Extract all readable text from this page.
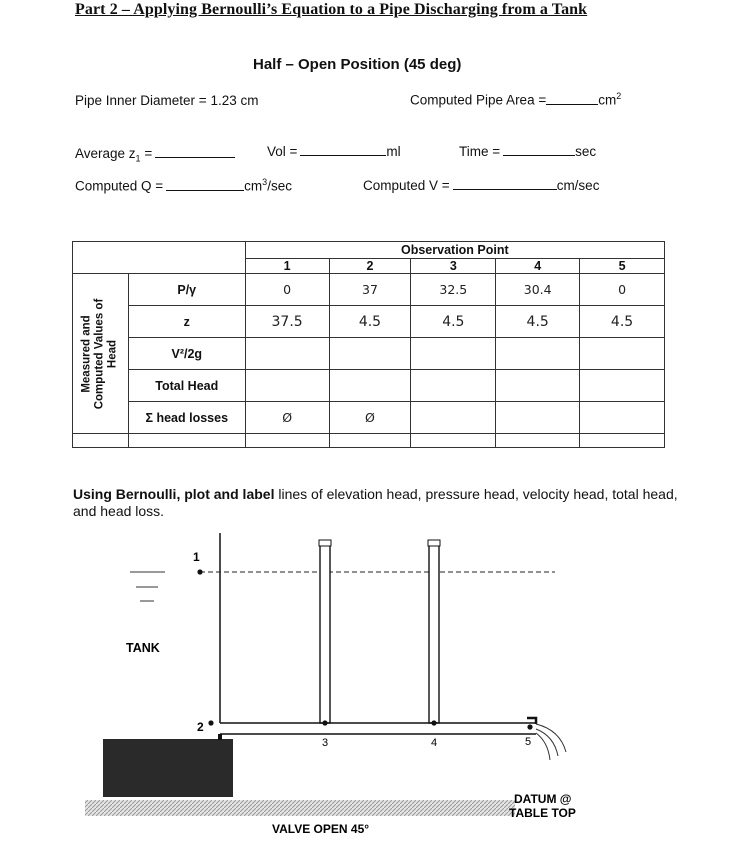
Part 2 – Applying Bernoulli’s Equation to a Pipe Discharging from a Tank
Half – Open Position (45 deg)
Pipe Inner Diameter = 1.23 cm	Computed Pipe Area =	$cm^2$
Average $z_1$ =	Vol =	ml	Time =	sec
Computed Q =	$cm^3/\sec$	Computed V =	cm/sec
		Observation Point				
		1	2	3	4	5

Measured and Computed Values of Head	P/γ	0	37	32.5	30.4	0
	z	37.5	4.5	4.5	4.5	4.5
	V²/2g					
	Total Head					
	Σ head losses	Ø	Ø			

Using Bernoulli, plot and label lines of elevation head, pressure head, velocity head, total head, and head loss.
1
2
3	4	5
TANK
DATUM @
TABLE TOP
VALVE OPEN 45°
